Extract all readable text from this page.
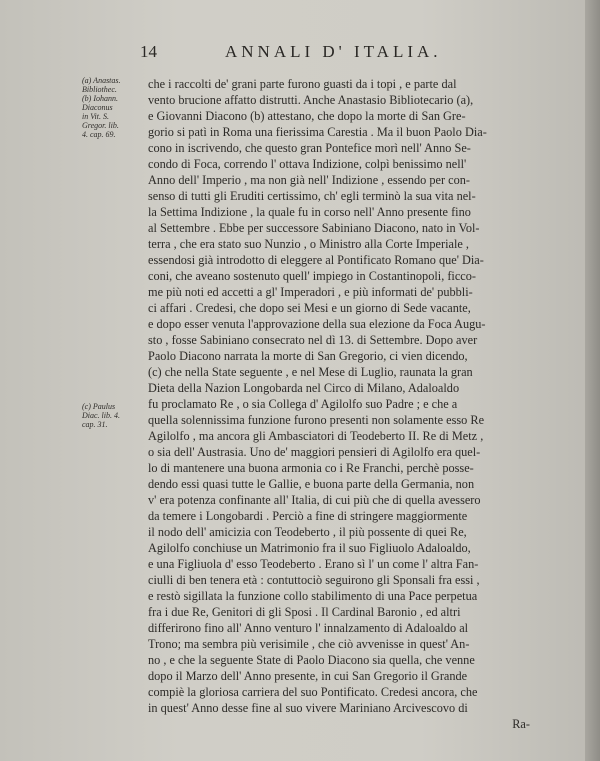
14	ANNALI D' ITALIA.
(a) Anastas.
Bibliothec.
(b) Iohann.
Diaconus
in Vit. S.
Gregor. lib.
4. cap. 69.
(c) Paulus
Diac. lib. 4.
cap. 31.
che i raccolti de' grani parte furono guasti da i topi , e parte dal
vento brucione affatto distrutti. Anche Anastasio Bibliotecario (a),
e Giovanni Diacono (b) attestano, che dopo la morte di San Gre-
gorio si patì in Roma una fierissima Carestia . Ma il buon Paolo Dia-
cono in iscrivendo, che questo gran Pontefice morì nell' Anno Se-
condo di Foca, correndo l' ottava Indizione, colpì benissimo nell'
Anno dell' Imperio , ma non già nell' Indizione , essendo per con-
senso di tutti gli Eruditi certissimo, ch' egli terminò la sua vita nel-
la Settima Indizione , la quale fu in corso nell' Anno presente fino
al Settembre . Ebbe per successore Sabiniano Diacono, nato in Vol-
terra , che era stato suo Nunzio , o Ministro alla Corte Imperiale ,
essendosi già introdotto di eleggere al Pontificato Romano que' Dia-
coni, che aveano sostenuto quell' impiego in Costantinopoli, ficco-
me più noti ed accetti a gl' Imperadori , e più informati de' pubbli-
ci affari . Credesi, che dopo sei Mesi e un giorno di Sede vacante,
e dopo esser venuta l'approvazione della sua elezione da Foca Augu-
sto , fosse Sabiniano consecrato nel dì 13. di Settembre. Dopo aver
Paolo Diacono narrata la morte di San Gregorio, ci vien dicendo,
(c) che nella State seguente , e nel Mese di Luglio, raunata la gran
Dieta della Nazion Longobarda nel Circo di Milano, Adaloaldo
fu proclamato Re , o sia Collega d' Agilolfo suo Padre ; e che a
quella solennissima funzione furono presenti non solamente esso Re
Agilolfo , ma ancora gli Ambasciatori di Teodeberto II. Re di Metz ,
o sia dell' Austrasia. Uno de' maggiori pensieri di Agilolfo era quel-
lo di mantenere una buona armonia co i Re Franchi, perchè posse-
dendo essi quasi tutte le Gallie, e buona parte della Germania, non
v' era potenza confinante all' Italia, di cui più che di quella avessero
da temere i Longobardi . Perciò a fine di stringere maggiormente
il nodo dell' amicizia con Teodeberto , il più possente di quei Re,
Agilolfo conchiuse un Matrimonio fra il suo Figliuolo Adaloaldo,
e una Figliuola d' esso Teodeberto . Erano sì l' un come l' altra Fan-
ciulli di ben tenera età : contuttociò seguirono gli Sponsali fra essi ,
e restò sigillata la funzione collo stabilimento di una Pace perpetua
fra i due Re, Genitori di gli Sposi . Il Cardinal Baronio , ed altri
differirono fino all' Anno venturo l' innalzamento di Adaloaldo al
Trono; ma sembra più verisimile , che ciò avvenisse in quest' An-
no , e che la seguente State di Paolo Diacono sia quella, che venne
dopo il Marzo dell' Anno presente, in cui San Gregorio il Grande
compiè la gloriosa carriera del suo Pontificato. Credesi ancora, che
in quest' Anno desse fine al suo vivere Mariniano Arcivescovo di
Ra-
